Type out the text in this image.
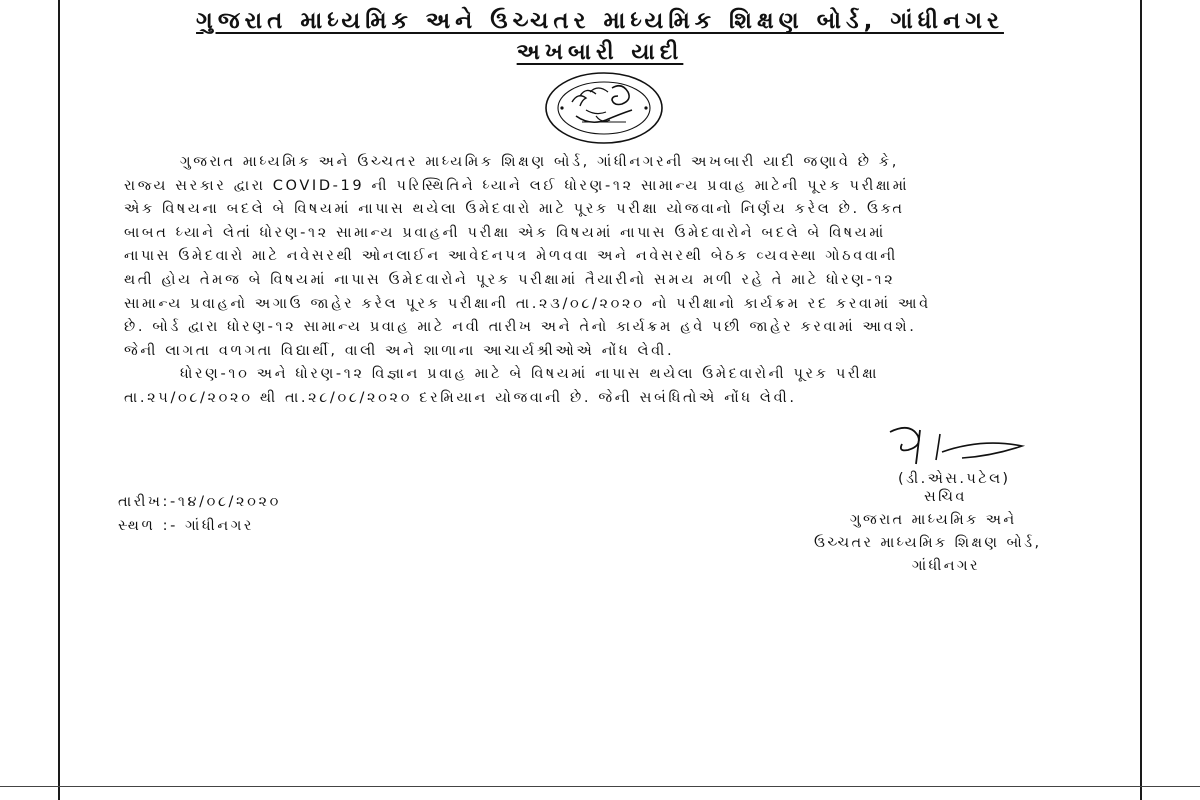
ગુજરાત માધ્યમિક અને ઉચ્ચતર માધ્યમિક શિક્ષણ બોર્ડ, ગાંધીનગર
અખબારી યાદી
ગુજરાત માધ્યમિક અને ઉચ્ચતર માધ્યમિક શિક્ષણ બોર્ડ, ગાંધીનગરની અખબારી યાદી જણાવે છે કે,
રાજ્ય સરકાર દ્વારા COVID-19 ની પરિસ્થિતિને ધ્યાને લઈ ધોરણ-૧૨ સામાન્ય પ્રવાહ માટેની પૂરક પરીક્ષામાં
એક વિષયના બદલે બે વિષયમાં નાપાસ થયેલા ઉમેદવારો માટે પૂરક પરીક્ષા યોજવાનો નિર્ણય કરેલ છે. ઉક્ત
બાબત ધ્યાને લેતાં ધોરણ-૧૨ સામાન્ય પ્રવાહની પરીક્ષા એક વિષયમાં નાપાસ ઉમેદવારોને બદલે બે વિષયમાં
નાપાસ ઉમેદવારો માટે નવેસરથી ઓનલાઈન આવેદનપત્ર મેળવવા અને નવેસરથી બેઠક વ્યવસ્થા ગોઠવવાની
થતી હોય તેમજ બે વિષયમાં નાપાસ ઉમેદવારોને પૂરક પરીક્ષામાં તૈયારીનો સમય મળી રહે તે માટે ધોરણ-૧૨
સામાન્ય પ્રવાહનો અગાઉ જાહેર કરેલ પૂરક પરીક્ષાની તા.૨૩/૦૮/૨૦૨૦ નો પરીક્ષાનો કાર્યક્રમ રદ કરવામાં આવે
છે. બોર્ડ દ્વારા ધોરણ-૧૨ સામાન્ય પ્રવાહ માટે નવી તારીખ અને તેનો કાર્યક્રમ હવે પછી જાહેર કરવામાં આવશે.
જેની લાગતા વળગતા વિદ્યાર્થી, વાલી અને શાળાના આચાર્યશ્રીઓએ નોંધ લેવી.
ધોરણ-૧૦ અને ધોરણ-૧૨ વિજ્ઞાન પ્રવાહ માટે બે વિષયમાં નાપાસ થયેલા ઉમેદવારોની પૂરક પરીક્ષા
તા.૨૫/૦૮/૨૦૨૦ થી તા.૨૮/૦૮/૨૦૨૦ દરમિયાન યોજવાની છે. જેની સબંધિતોએ નોંધ લેવી.
(ડી.એસ.પટેલ)
સચિવ
ગુજરાત માધ્યમિક અને
ઉચ્ચતર માધ્યમિક શિક્ષણ બોર્ડ,
ગાંધીનગર
તારીખ:-૧૪/૦૮/૨૦૨૦
સ્થળ :- ગાંધીનગર
